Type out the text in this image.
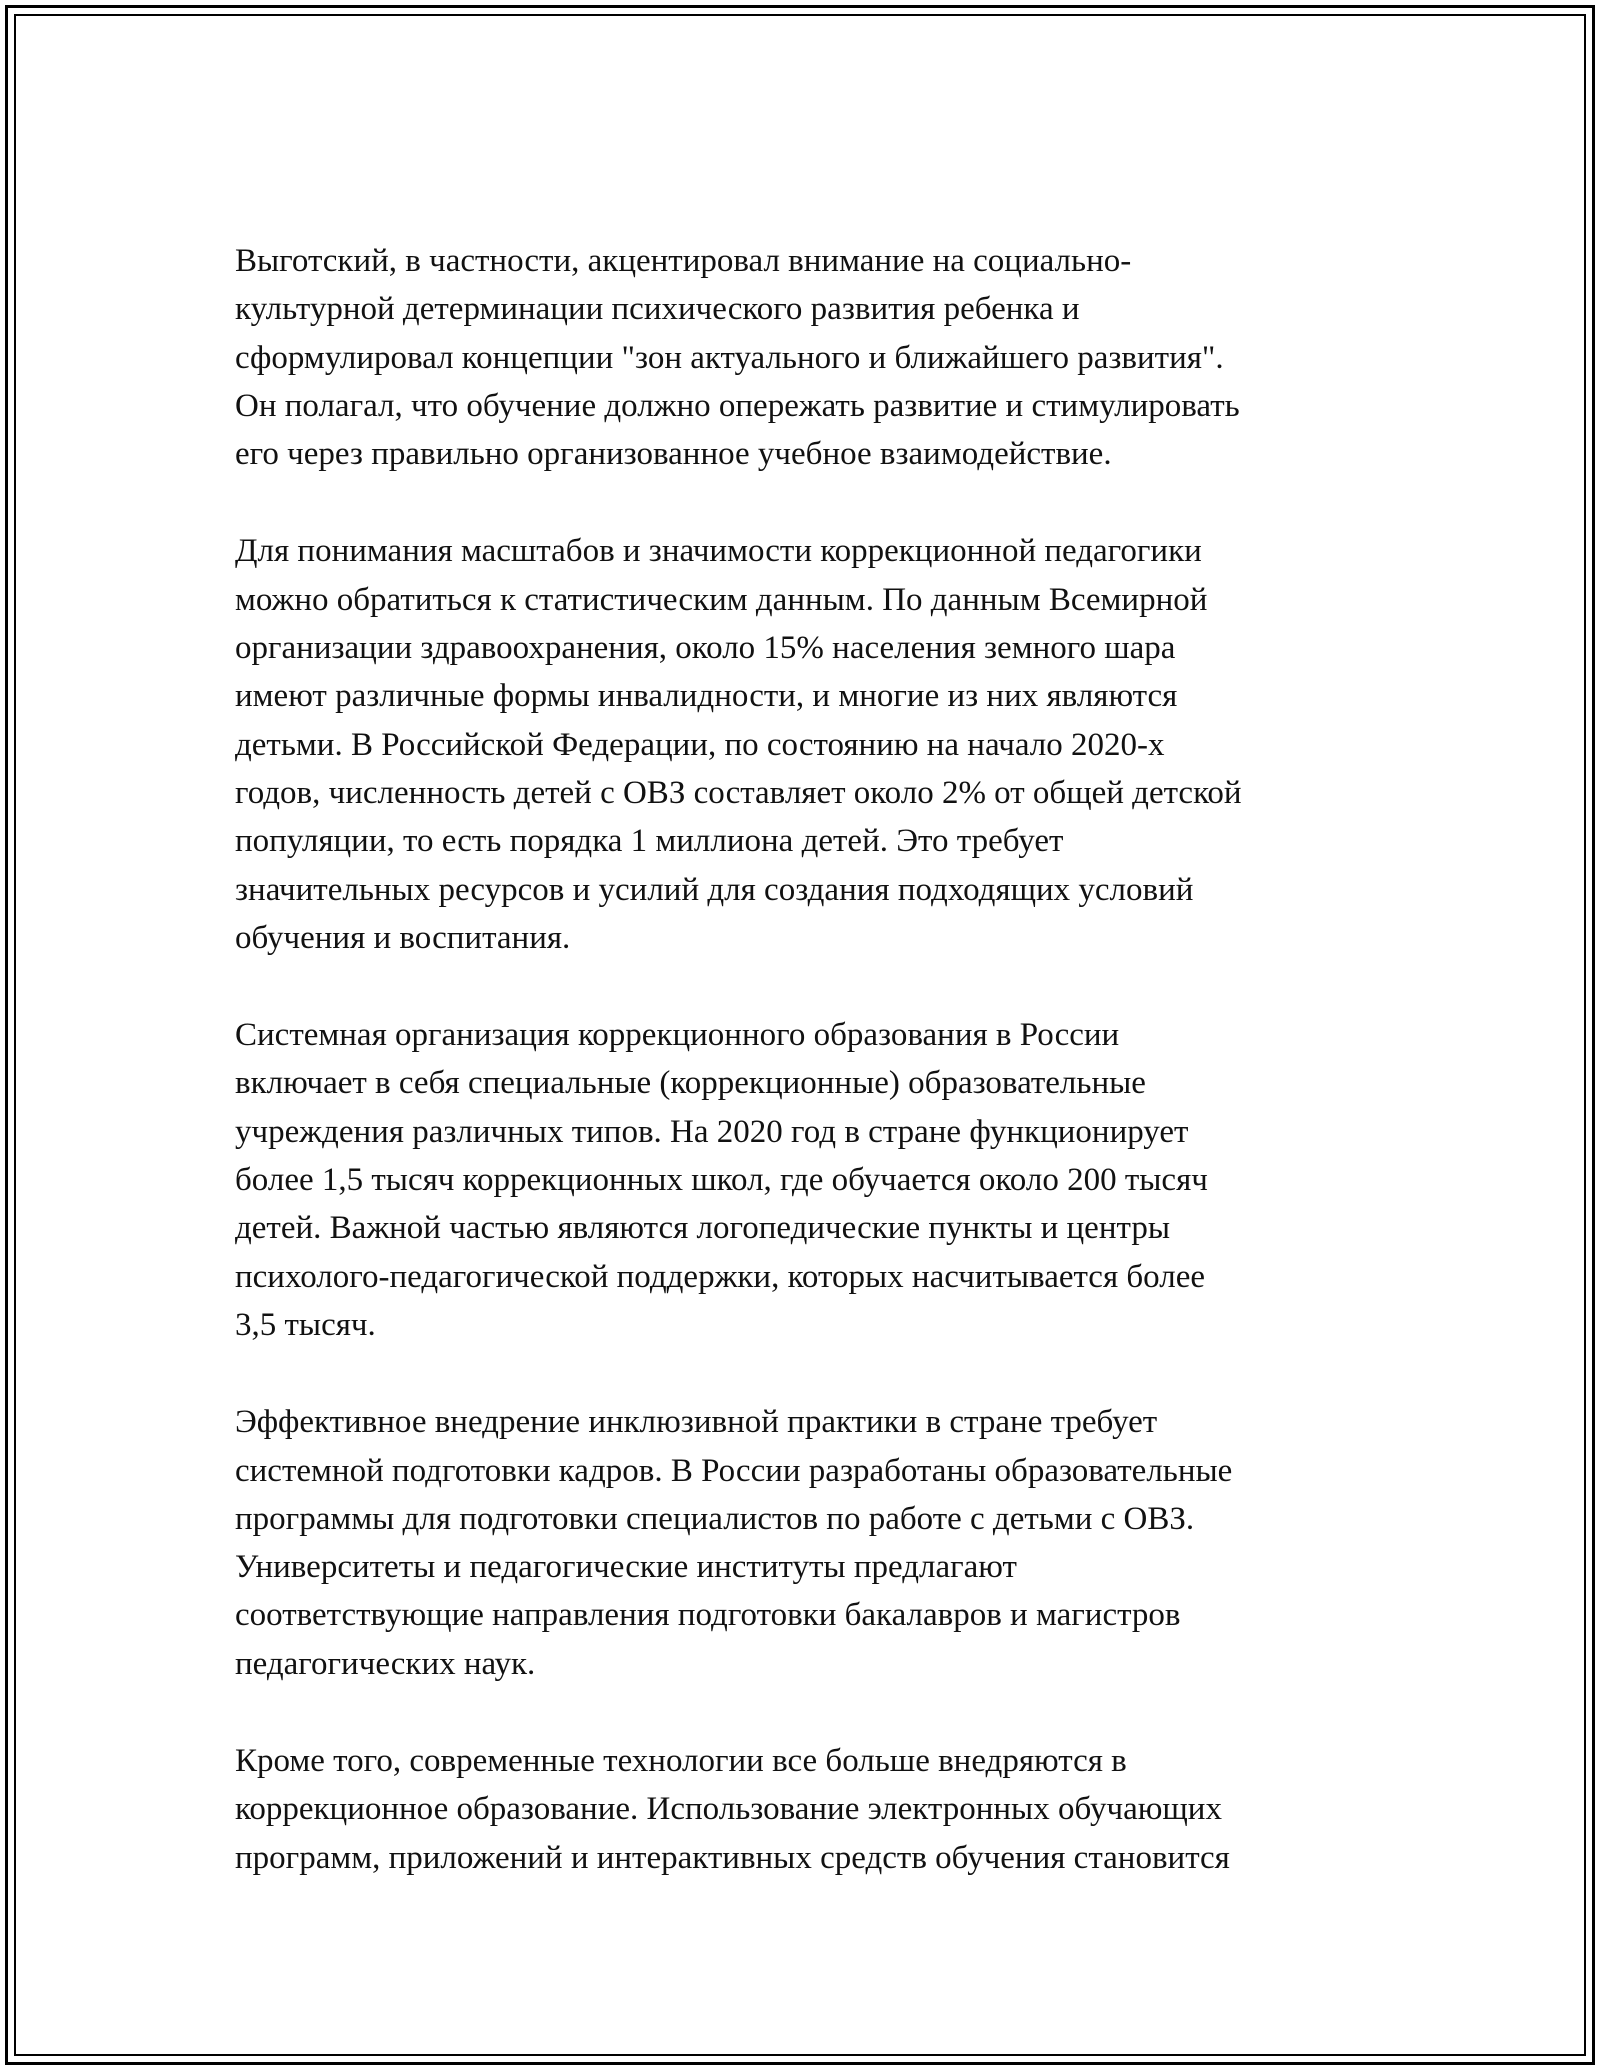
Выготский, в частности, акцентировал внимание на социально-
культурной детерминации психического развития ребенка и
сформулировал концепции "зон актуального и ближайшего развития".
Он полагал, что обучение должно опережать развитие и стимулировать
его через правильно организованное учебное взаимодействие.

Для понимания масштабов и значимости коррекционной педагогики
можно обратиться к статистическим данным. По данным Всемирной
организации здравоохранения, около 15% населения земного шара
имеют различные формы инвалидности, и многие из них являются
детьми. В Российской Федерации, по состоянию на начало 2020-х
годов, численность детей с ОВЗ составляет около 2% от общей детской
популяции, то есть порядка 1 миллиона детей. Это требует
значительных ресурсов и усилий для создания подходящих условий
обучения и воспитания.

Системная организация коррекционного образования в России
включает в себя специальные (коррекционные) образовательные
учреждения различных типов. На 2020 год в стране функционирует
более 1,5 тысяч коррекционных школ, где обучается около 200 тысяч
детей. Важной частью являются логопедические пункты и центры
психолого-педагогической поддержки, которых насчитывается более
3,5 тысяч.

Эффективное внедрение инклюзивной практики в стране требует
системной подготовки кадров. В России разработаны образовательные
программы для подготовки специалистов по работе с детьми с ОВЗ.
Университеты и педагогические институты предлагают
соответствующие направления подготовки бакалавров и магистров
педагогических наук.

Кроме того, современные технологии все больше внедряются в
коррекционное образование. Использование электронных обучающих
программ, приложений и интерактивных средств обучения становится
